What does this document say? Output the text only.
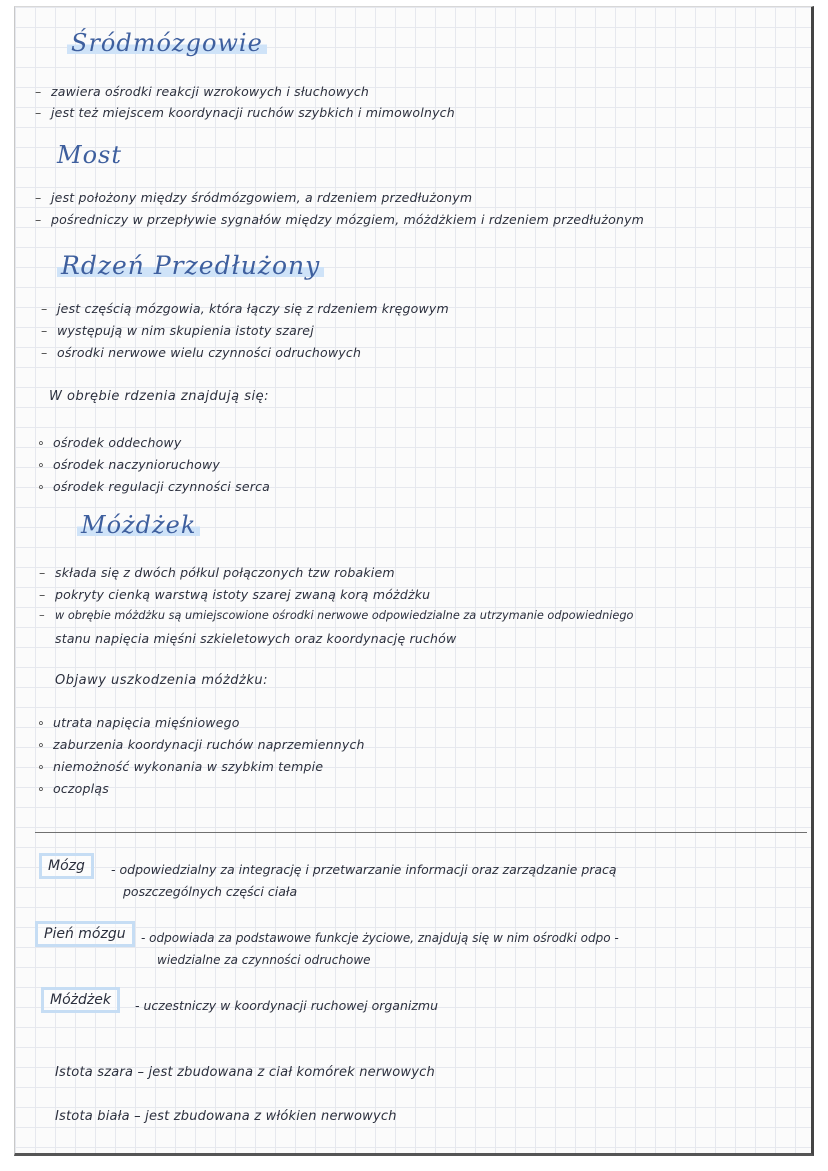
Śródmózgowie
– zawiera ośrodki reakcji wzrokowych i słuchowych
– jest też miejscem koordynacji ruchów szybkich i mimowolnych
Most
– jest położony między śródmózgowiem, a rdzeniem przedłużonym
– pośredniczy w przepływie sygnałów między mózgiem, móżdżkiem i rdzeniem przedłużonym
Rdzeń Przedłużony
– jest częścią mózgowia, która łączy się z rdzeniem kręgowym
– występują w nim skupienia istoty szarej
– ośrodki nerwowe wielu czynności odruchowych
W obrębie rdzenia znajdują się:
∘ ośrodek oddechowy
∘ ośrodek naczynioruchowy
∘ ośrodek regulacji czynności serca
Móżdżek
– składa się z dwóch półkul połączonych tzw robakiem
– pokryty cienką warstwą istoty szarej zwaną korą móżdżku
– w obrębie móżdżku są umiejscowione ośrodki nerwowe odpowiedzialne za utrzymanie odpowiedniego
stanu napięcia mięśni szkieletowych oraz koordynację ruchów
Objawy uszkodzenia móżdżku:
∘ utrata napięcia mięśniowego
∘ zaburzenia koordynacji ruchów naprzemiennych
∘ niemożność wykonania w szybkim tempie
∘ oczopląs
Mózg	- odpowiedzialny za integrację i przetwarzanie informacji oraz zarządzanie pracą
poszczególnych części ciała
Pień mózgu	- odpowiada za podstawowe funkcje życiowe, znajdują się w nim ośrodki odpo -
wiedzialne za czynności odruchowe
Móżdżek	- uczestniczy w koordynacji ruchowej organizmu
Istota szara – jest zbudowana z ciał komórek nerwowych
Istota biała – jest zbudowana z włókien nerwowych
